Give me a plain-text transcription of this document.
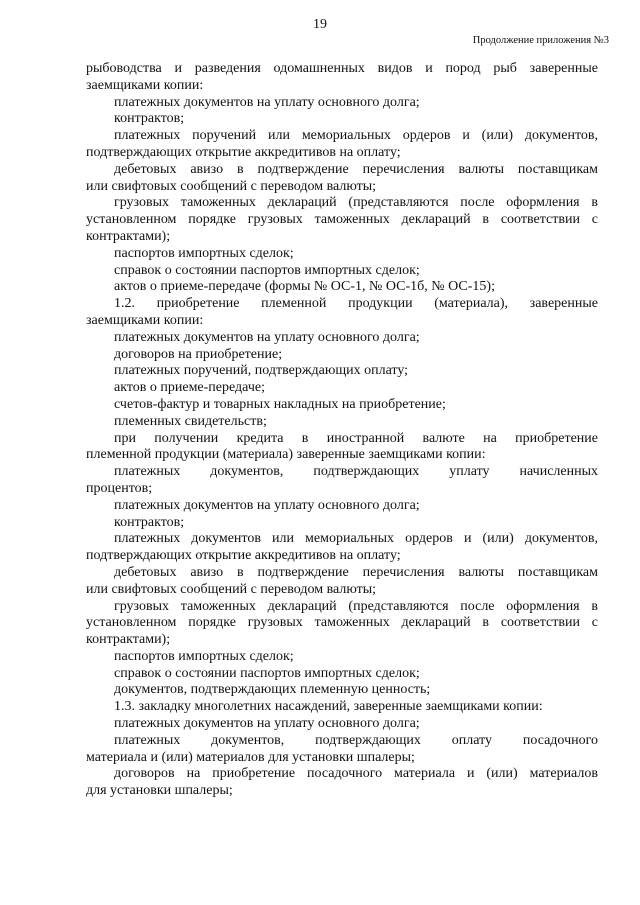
19
Продолжение приложения №3
рыбоводства и разведения одомашненных видов и пород рыб заверенные
заемщиками копии:
платежных документов на уплату основного долга;
контрактов;
платежных поручений или мемориальных ордеров и (или) документов,
подтверждающих открытие аккредитивов на оплату;
дебетовых авизо в подтверждение перечисления валюты поставщикам
или свифтовых сообщений с переводом валюты;
грузовых таможенных деклараций (представляются после оформления в
установленном порядке грузовых таможенных деклараций в соответствии с
контрактами);
паспортов импортных сделок;
справок о состоянии паспортов импортных сделок;
актов о приеме-передаче (формы № ОС-1, № ОС-1б, № ОС-15);
1.2. приобретение племенной продукции (материала), заверенные
заемщиками копии:
платежных документов на уплату основного долга;
договоров на приобретение;
платежных поручений, подтверждающих оплату;
актов о приеме-передаче;
счетов-фактур и товарных накладных на приобретение;
племенных свидетельств;
при получении кредита в иностранной валюте на приобретение
племенной продукции (материала) заверенные заемщиками копии:
платежных документов, подтверждающих уплату начисленных
процентов;
платежных документов на уплату основного долга;
контрактов;
платежных документов или мемориальных ордеров и (или) документов,
подтверждающих открытие аккредитивов на оплату;
дебетовых авизо в подтверждение перечисления валюты поставщикам
или свифтовых сообщений с переводом валюты;
грузовых таможенных деклараций (представляются после оформления в
установленном порядке грузовых таможенных деклараций в соответствии с
контрактами);
паспортов импортных сделок;
справок о состоянии паспортов импортных сделок;
документов, подтверждающих племенную ценность;
1.3. закладку многолетних насаждений, заверенные заемщиками копии:
платежных документов на уплату основного долга;
платежных документов, подтверждающих оплату посадочного
материала и (или) материалов для установки шпалеры;
договоров на приобретение посадочного материала и (или) материалов
для установки шпалеры;
